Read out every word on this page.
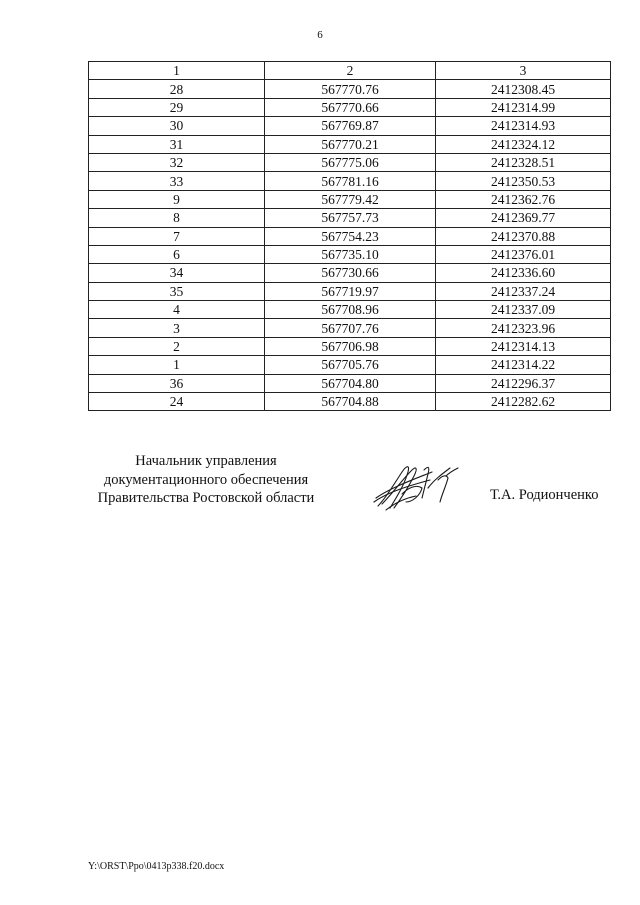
6
1	2	3
28	567770.76	2412308.45
29	567770.66	2412314.99
30	567769.87	2412314.93
31	567770.21	2412324.12
32	567775.06	2412328.51
33	567781.16	2412350.53
9	567779.42	2412362.76
8	567757.73	2412369.77
7	567754.23	2412370.88
6	567735.10	2412376.01
34	567730.66	2412336.60
35	567719.97	2412337.24
4	567708.96	2412337.09
3	567707.76	2412323.96
2	567706.98	2412314.13
1	567705.76	2412314.22
36	567704.80	2412296.37
24	567704.88	2412282.62
Начальник управления
документационного обеспечения
Правительства Ростовской области	Т.А. Родионченко
Y:\ORST\Ppo\0413p338.f20.docx
